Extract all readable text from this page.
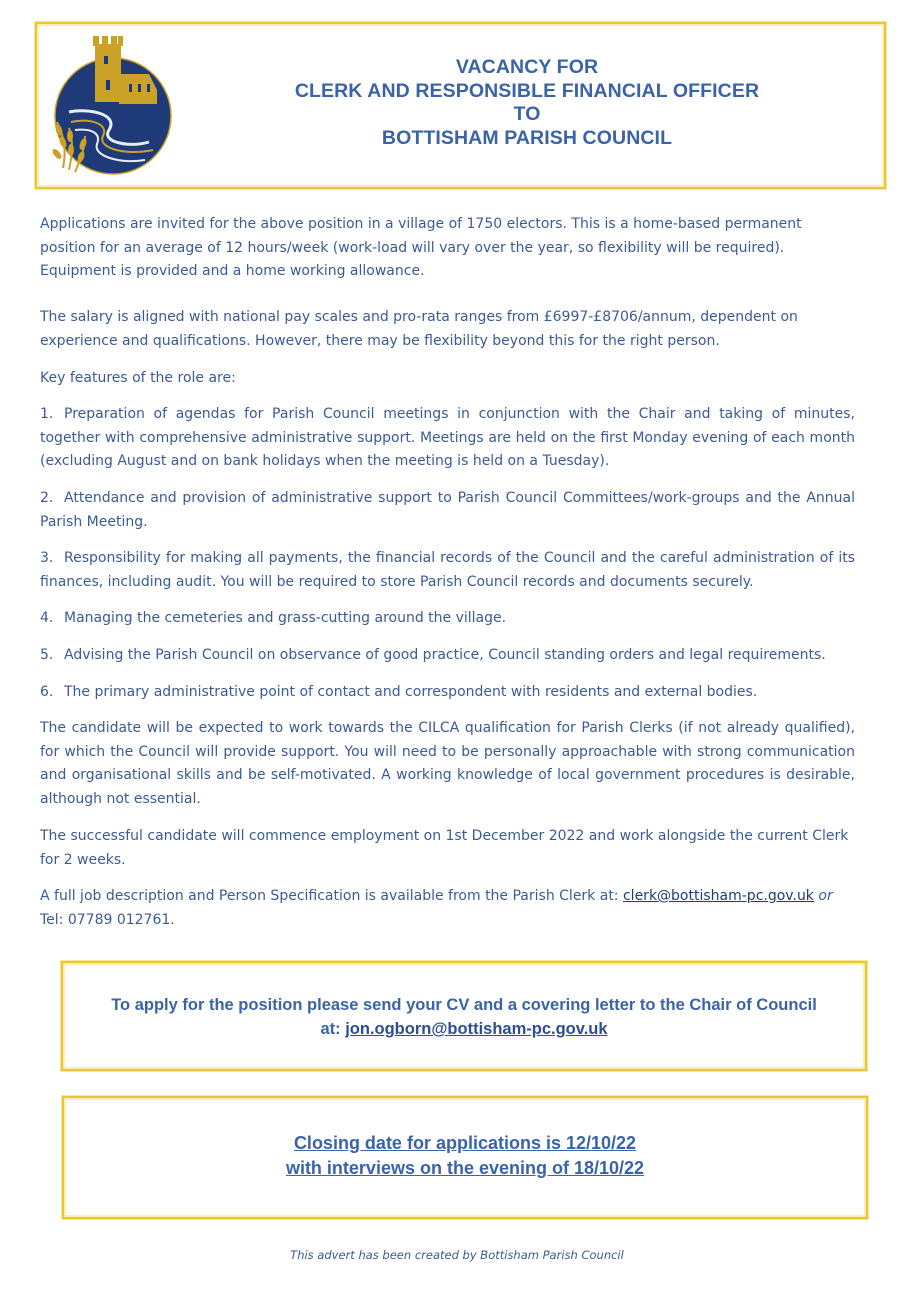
VACANCY FOR
CLERK AND RESPONSIBLE FINANCIAL OFFICER
TO
BOTTISHAM PARISH COUNCIL

Applications are invited for the above position in a village of 1750 electors. This is a home-based permanent position for an average of 12 hours/week (work-load will vary over the year, so flexibility will be required). Equipment is provided and a home working allowance.

The salary is aligned with national pay scales and pro-rata ranges from £6997-£8706/annum, dependent on experience and qualifications. However, there may be flexibility beyond this for the right person.

Key features of the role are:

1. Preparation of agendas for Parish Council meetings in conjunction with the Chair and taking of minutes, together with comprehensive administrative support. Meetings are held on the first Monday evening of each month (excluding August and on bank holidays when the meeting is held on a Tuesday).

2. Attendance and provision of administrative support to Parish Council Committees/work-groups and the Annual Parish Meeting.

3. Responsibility for making all payments, the financial records of the Council and the careful administration of its finances, including audit. You will be required to store Parish Council records and documents securely.

4. Managing the cemeteries and grass-cutting around the village.

5. Advising the Parish Council on observance of good practice, Council standing orders and legal requirements.

6. The primary administrative point of contact and correspondent with residents and external bodies.

The candidate will be expected to work towards the CILCA qualification for Parish Clerks (if not already qualified), for which the Council will provide support. You will need to be personally approachable with strong communication and organisational skills and be self-motivated. A working knowledge of local government procedures is desirable, although not essential.

The successful candidate will commence employment on 1st December 2022 and work alongside the current Clerk for 2 weeks.

A full job description and Person Specification is available from the Parish Clerk at: clerk@bottisham-pc.gov.uk or
Tel: 07789 012761.

To apply for the position please send your CV and a covering letter to the Chair of Council
at: jon.ogborn@bottisham-pc.gov.uk
Closing date for applications is 12/10/22
with interviews on the evening of 18/10/22
This advert has been created by Bottisham Parish Council
